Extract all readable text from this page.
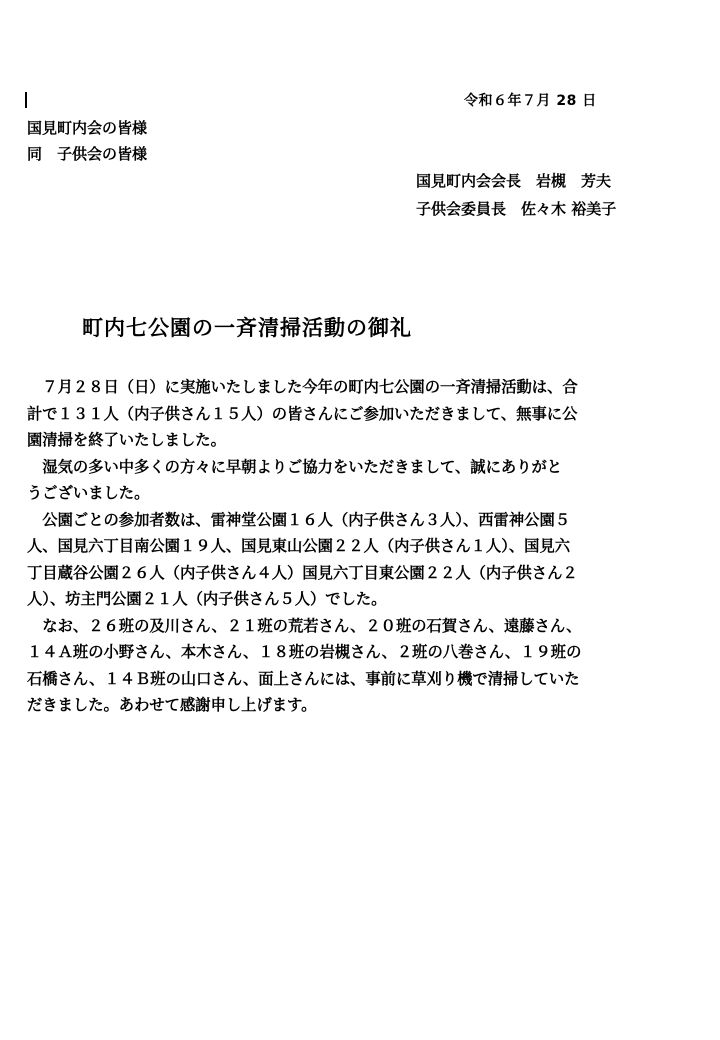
令和６年７月 28 日
国見町内会の皆様
同　子供会の皆様
国見町内会会長　岩槻　芳夫
子供会委員長　佐々木 裕美子
町内七公園の一斉清掃活動の御礼
　７月２８日（日）に実施いたしました今年の町内七公園の一斉清掃活動は、合
計で１３１人（内子供さん１５人）の皆さんにご参加いただきまして、無事に公
園清掃を終了いたしました。
　湿気の多い中多くの方々に早朝よりご協力をいただきまして、誠にありがと
うございました。
　公園ごとの参加者数は、雷神堂公園１６人（内子供さん３人）、西雷神公園５
人、国見六丁目南公園１９人、国見東山公園２２人（内子供さん１人）、国見六
丁目蔵谷公園２６人（内子供さん４人）国見六丁目東公園２２人（内子供さん２
人）、坊主門公園２１人（内子供さん５人）でした。
　なお、２６班の及川さん、２１班の荒若さん、２０班の石賀さん、遠藤さん、
１４Ａ班の小野さん、本木さん、１８班の岩槻さん、２班の八巻さん、１９班の
石橋さん、１４Ｂ班の山口さん、面上さんには、事前に草刈り機で清掃していた
だきました。あわせて感謝申し上げます。
